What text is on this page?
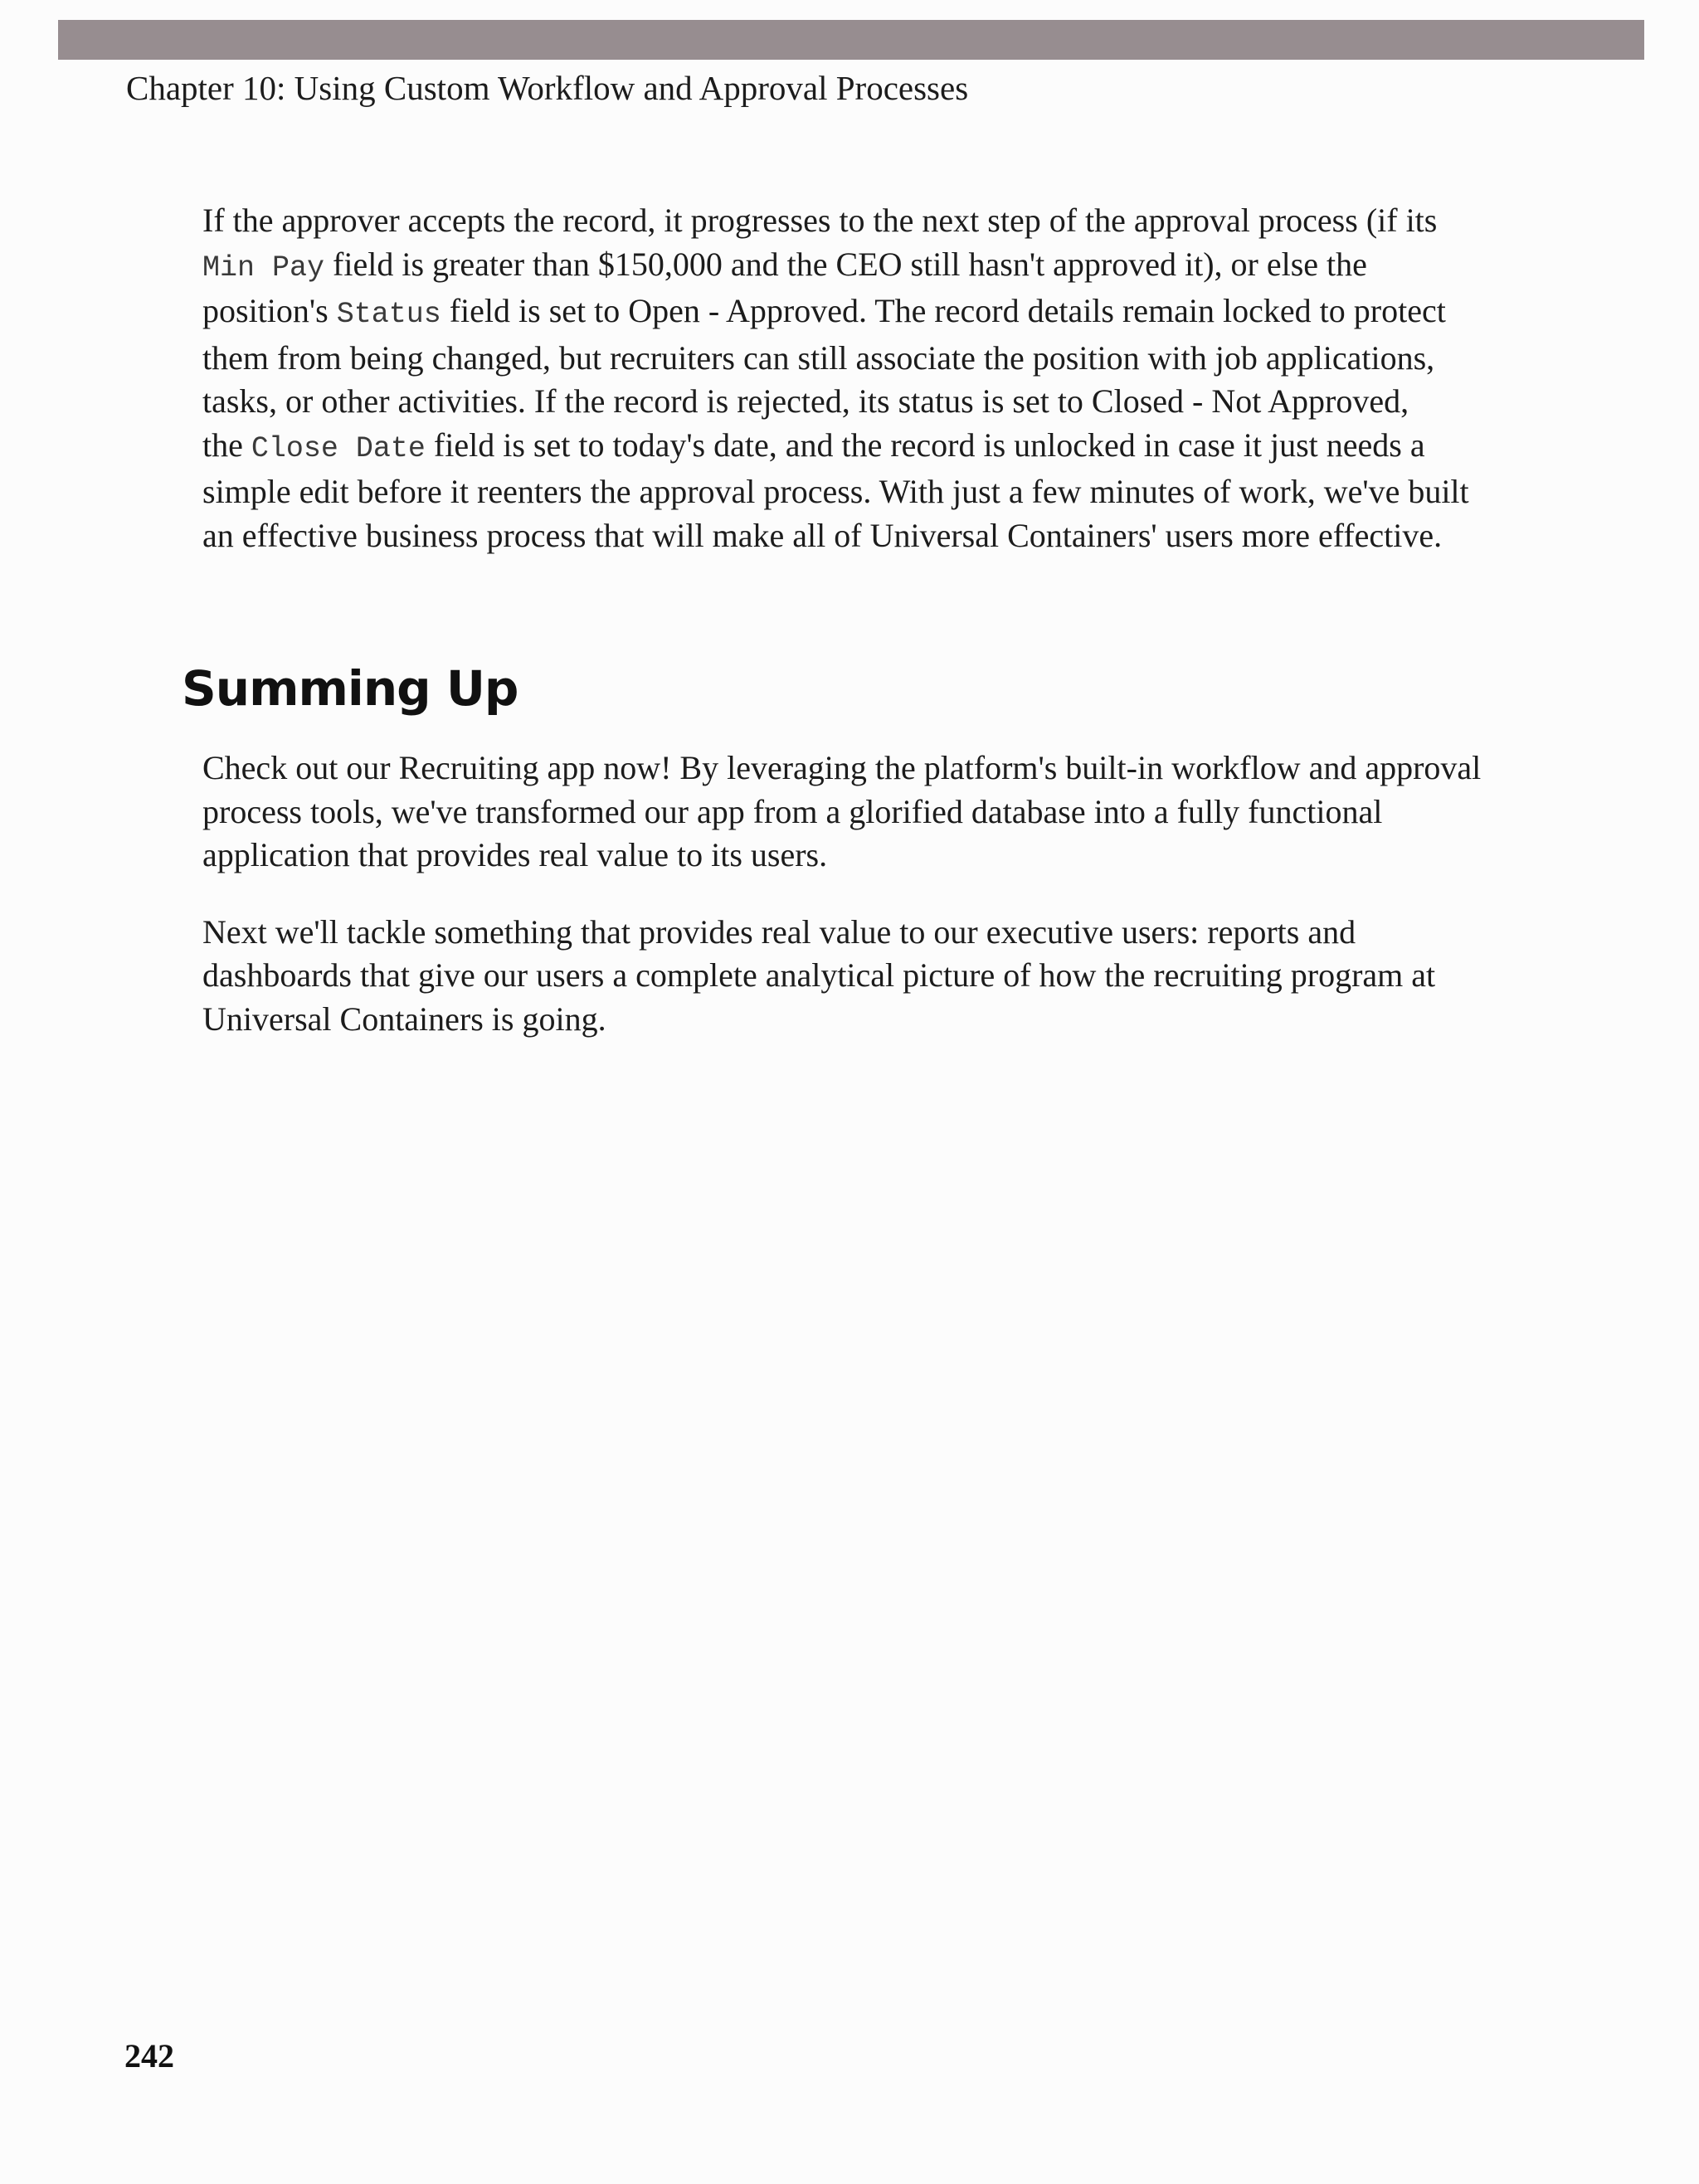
Chapter 10: Using Custom Workflow and Approval Processes

If the approver accepts the record, it progresses to the next step of the approval process (if its
Min Pay field is greater than $150,000 and the CEO still hasn't approved it), or else the
position's Status field is set to Open - Approved. The record details remain locked to protect
them from being changed, but recruiters can still associate the position with job applications,
tasks, or other activities. If the record is rejected, its status is set to Closed - Not Approved,
the Close Date field is set to today's date, and the record is unlocked in case it just needs a
simple edit before it reenters the approval process. With just a few minutes of work, we've built
an effective business process that will make all of Universal Containers' users more effective.

Summing Up

Check out our Recruiting app now! By leveraging the platform's built-in workflow and approval
process tools, we've transformed our app from a glorified database into a fully functional
application that provides real value to its users.

Next we'll tackle something that provides real value to our executive users: reports and
dashboards that give our users a complete analytical picture of how the recruiting program at
Universal Containers is going.

242
